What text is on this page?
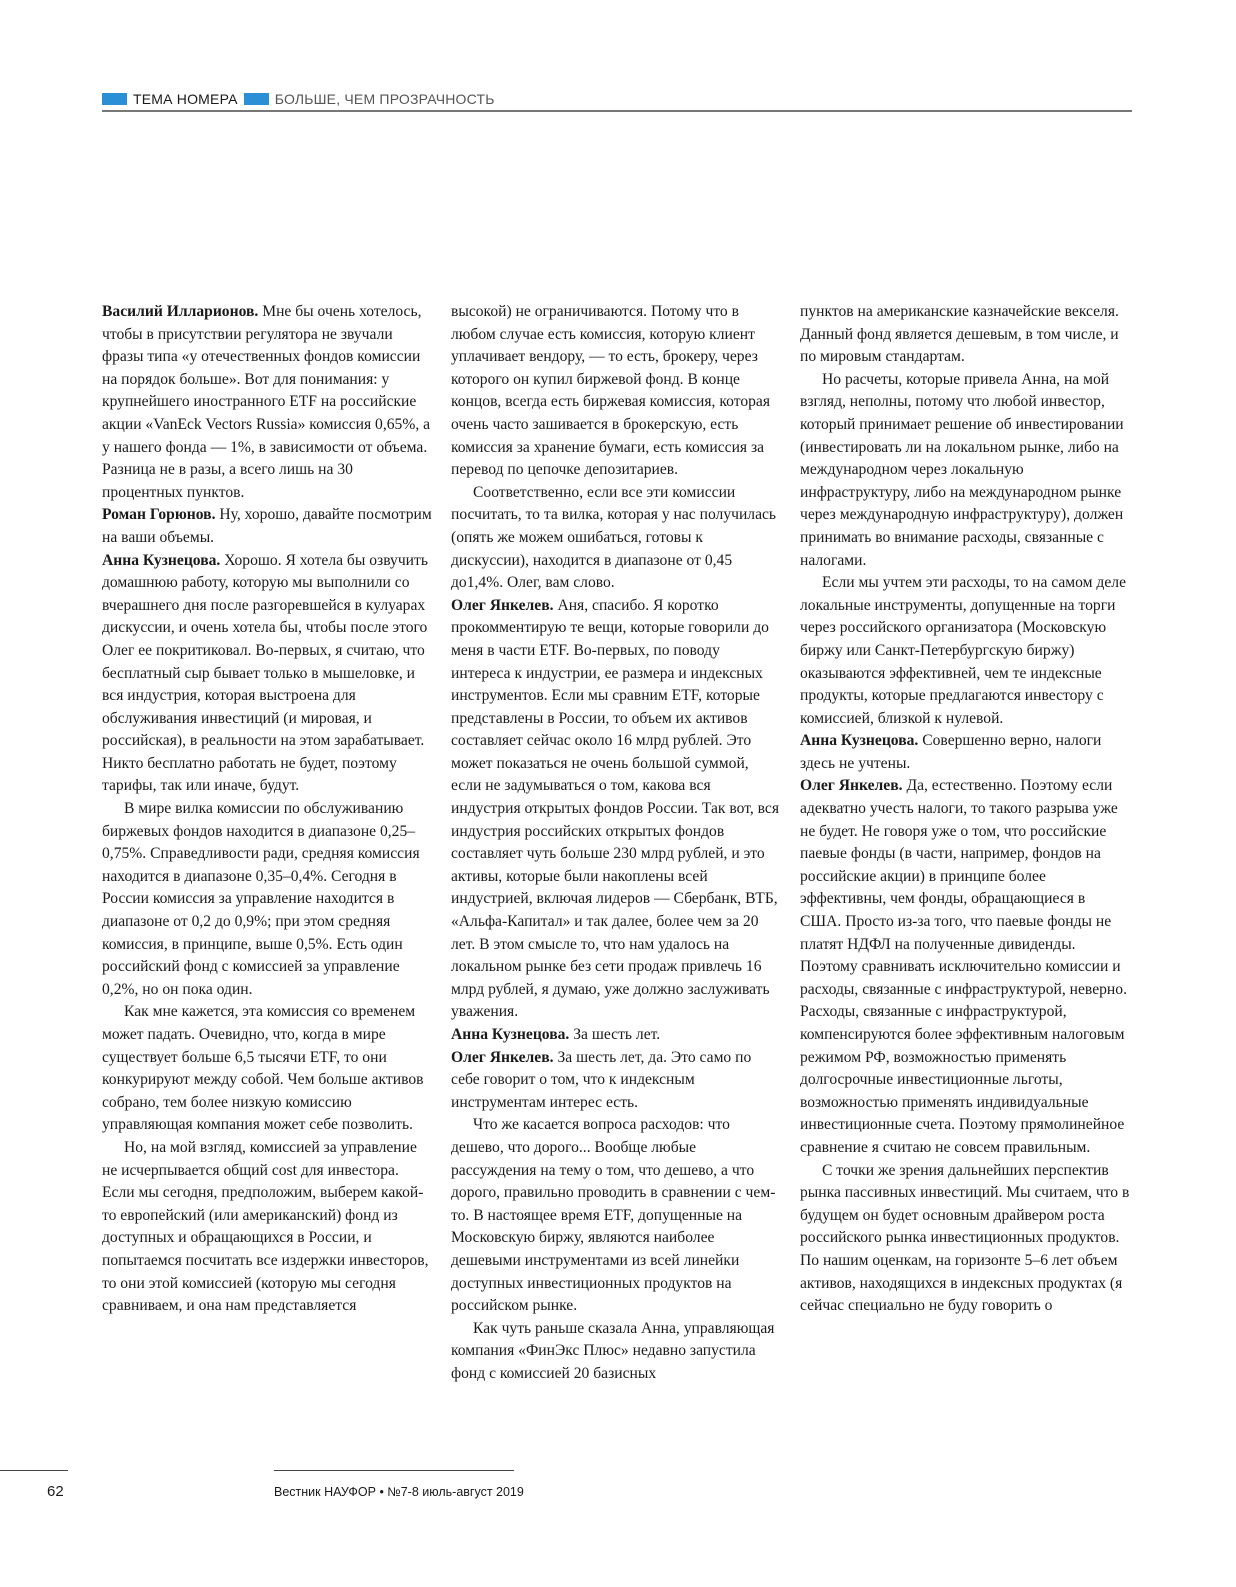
ТЕМА НОМЕРА	БОЛЬШЕ, ЧЕМ ПРОЗРАЧНОСТЬ

Василий Илларионов. Мне бы очень хотелось, чтобы в присутствии регулятора не звучали фразы типа «у отечественных фондов комиссии на порядок больше». Вот для понимания: у крупнейшего иностранного ETF на российские акции «VanEck Vectors Russia» комиссия 0,65%, а у нашего фонда — 1%, в зависимости от объема. Разница не в разы, а всего лишь на 30 процентных пунктов.

Роман Горюнов. Ну, хорошо, давайте посмотрим на ваши объемы.

Анна Кузнецова. Хорошо. Я хотела бы озвучить домашнюю работу, которую мы выполнили со вчерашнего дня после разгоревшейся в кулуарах дискуссии, и очень хотела бы, чтобы после этого Олег ее покритиковал. Во-первых, я считаю, что бесплатный сыр бывает только в мышеловке, и вся индустрия, которая выстроена для обслуживания инвестиций (и мировая, и российская), в реальности на этом зарабатывает. Никто бесплатно работать не будет, поэтому тарифы, так или иначе, будут.

В мире вилка комиссии по обслуживанию биржевых фондов находится в диапазоне 0,25–0,75%. Справедливости ради, средняя комиссия находится в диапазоне 0,35–0,4%. Сегодня в России комиссия за управление находится в диапазоне от 0,2 до 0,9%; при этом средняя комиссия, в принципе, выше 0,5%. Есть один российский фонд с комиссией за управление 0,2%, но он пока один.

Как мне кажется, эта комиссия со временем может падать. Очевидно, что, когда в мире существует больше 6,5 тысячи ETF, то они конкурируют между собой. Чем больше активов собрано, тем более низкую комиссию управляющая компания может себе позволить.

Но, на мой взгляд, комиссией за управление не исчерпывается общий cost для инвестора. Если мы сегодня, предположим, выберем какой-то европейский (или американский) фонд из доступных и обращающихся в России, и попытаемся посчитать все издержки инвесторов, то они этой комиссией (которую мы сегодня сравниваем, и она нам представляется

высокой) не ограничиваются. Потому что в любом случае есть комиссия, которую клиент уплачивает вендору, — то есть, брокеру, через которого он купил биржевой фонд. В конце концов, всегда есть биржевая комиссия, которая очень часто зашивается в брокерскую, есть комиссия за хранение бумаги, есть комиссия за перевод по цепочке депозитариев.

Соответственно, если все эти комиссии посчитать, то та вилка, которая у нас получилась (опять же можем ошибаться, готовы к дискуссии), находится в диапазоне от 0,45 до1,4%. Олег, вам слово.

Олег Янкелев. Аня, спасибо. Я коротко прокомментирую те вещи, которые говорили до меня в части ETF. Во-первых, по поводу интереса к индустрии, ее размера и индексных инструментов. Если мы сравним ETF, которые представлены в России, то объем их активов составляет сейчас около 16 млрд рублей. Это может показаться не очень большой суммой, если не задумываться о том, какова вся индустрия открытых фондов России. Так вот, вся индустрия российских открытых фондов составляет чуть больше 230 млрд рублей, и это активы, которые были накоплены всей индустрией, включая лидеров — Сбербанк, ВТБ, «Альфа-Капитал» и так далее, более чем за 20 лет. В этом смысле то, что нам удалось на локальном рынке без сети продаж привлечь 16 млрд рублей, я думаю, уже должно заслуживать уважения.

Анна Кузнецова. За шесть лет.

Олег Янкелев. За шесть лет, да. Это само по себе говорит о том, что к индексным инструментам интерес есть.

Что же касается вопроса расходов: что дешево, что дорого... Вообще любые рассуждения на тему о том, что дешево, а что дорого, правильно проводить в сравнении с чем-то. В настоящее время ETF, допущенные на Московскую биржу, являются наиболее дешевыми инструментами из всей линейки доступных инвестиционных продуктов на российском рынке.

Как чуть раньше сказала Анна, управляющая компания «ФинЭкс Плюс» недавно запустила фонд с комиссией 20 базисных

пунктов на американские казначейские векселя. Данный фонд является дешевым, в том числе, и по мировым стандартам.

Но расчеты, которые привела Анна, на мой взгляд, неполны, потому что любой инвестор, который принимает решение об инвестировании (инвестировать ли на локальном рынке, либо на международном через локальную инфраструктуру, либо на международном рынке через международную инфраструктуру), должен принимать во внимание расходы, связанные с налогами.

Если мы учтем эти расходы, то на самом деле локальные инструменты, допущенные на торги через российского организатора (Московскую биржу или Санкт-Петербургскую биржу) оказываются эффективней, чем те индексные продукты, которые предлагаются инвестору с комиссией, близкой к нулевой.

Анна Кузнецова. Совершенно верно, налоги здесь не учтены.

Олег Янкелев. Да, естественно. Поэтому если адекватно учесть налоги, то такого разрыва уже не будет. Не говоря уже о том, что российские паевые фонды (в части, например, фондов на российские акции) в принципе более эффективны, чем фонды, обращающиеся в США. Просто из-за того, что паевые фонды не платят НДФЛ на полученные дивиденды. Поэтому сравнивать исключительно комиссии и расходы, связанные с инфраструктурой, неверно. Расходы, связанные с инфраструктурой, компенсируются более эффективным налоговым режимом РФ, возможностью применять долгосрочные инвестиционные льготы, возможностью применять индивидуальные инвестиционные счета. Поэтому прямолинейное сравнение я считаю не совсем правильным.

С точки же зрения дальнейших перспектив рынка пассивных инвестиций. Мы считаем, что в будущем он будет основным драйвером роста российского рынка инвестиционных продуктов. По нашим оценкам, на горизонте 5–6 лет объем активов, находящихся в индексных продуктах (я сейчас специально не буду говорить о

62	Вестник НАУФОР • №7-8 июль-август 2019
